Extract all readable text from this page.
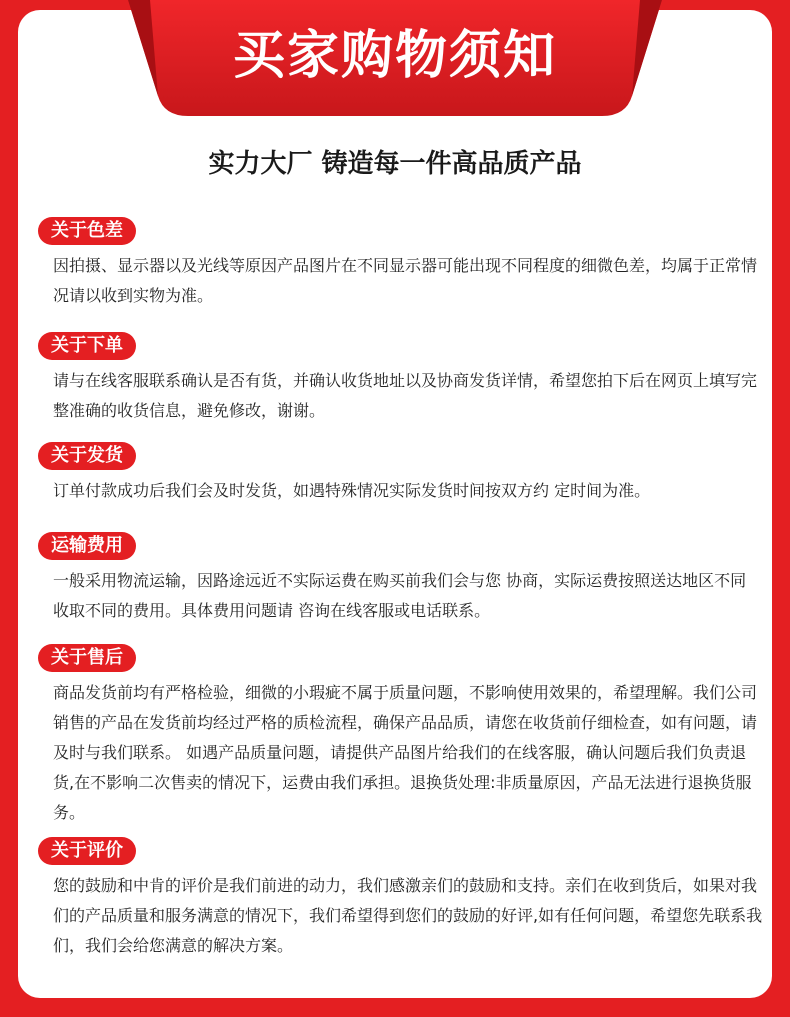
买家购物须知
实力大厂 铸造每一件高品质产品
关于色差
因拍摄、显示器以及光线等原因产品图片在不同显示器可能出现不同程度的细微色差，均属于正常情况请以收到实物为准。
关于下单
请与在线客服联系确认是否有货，并确认收货地址以及协商发货详情，希望您拍下后在网页上填写完整准确的收货信息，避免修改，谢谢。
关于发货
订单付款成功后我们会及时发货，如遇特殊情况实际发货时间按双方约 定时间为准。
运输费用
一般采用物流运输，因路途远近不实际运费在购买前我们会与您 协商，实际运费按照送达地区不同 收取不同的费用。具体费用问题请 咨询在线客服或电话联系。
关于售后
商品发货前均有严格检验，细微的小瑕疵不属于质量问题，不影响使用效果的，希望理解。我们公司销售的产品在发货前均经过严格的质检流程，确保产品品质，请您在收货前仔细检查，如有问题，请及时与我们联系。 如遇产品质量问题，请提供产品图片给我们的在线客服，确认问题后我们负责退货,在不影响二次售卖的情况下，运费由我们承担。退换货处理:非质量原因，产品无法进行退换货服务。
关于评价
您的鼓励和中肯的评价是我们前进的动力，我们感激亲们的鼓励和支持。亲们在收到货后，如果对我们的产品质量和服务满意的情况下，我们希望得到您们的鼓励的好评,如有任何问题，希望您先联系我们，我们会给您满意的解决方案。
